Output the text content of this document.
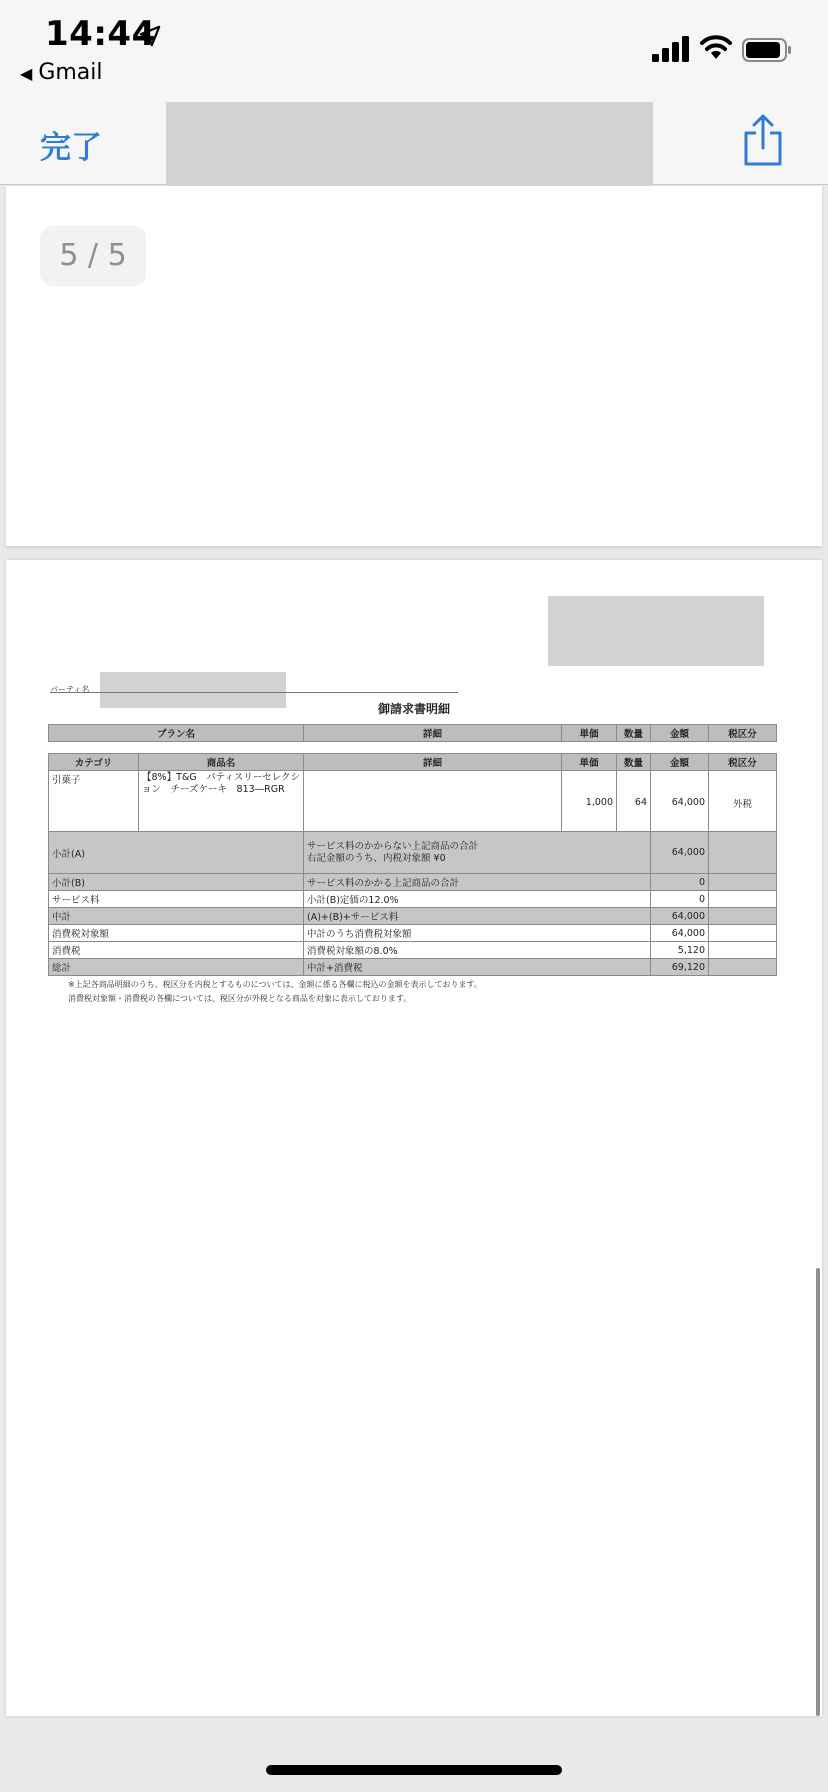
14:44
◀ Gmail
完了
5 / 5
パーティ名
御請求書明細
プラン名	詳細	単価	数量	金額	税区分
カテゴリ	商品名	詳細	単価	数量	金額	税区分
引菓子	【8%】T&G　パティスリーセレクシ
ョン　チーズケーキ　813―RGR		1,000	64	64,000	外税
小計(A)	サービス料のかからない上記商品の合計
右記金額のうち、内税対象額 ¥0	64,000	
小計(B)	サービス料のかかる上記商品の合計	0	
サービス料	小計(B)定価の12.0%	0	
中計	(A)+(B)+サービス料	64,000	
消費税対象額	中計のうち消費税対象額	64,000	
消費税	消費税対象額の8.0%	5,120	
総計	中計+消費税	69,120	
※上記各商品明細のうち、税区分を内税とするものについては、金額に係る各欄に税込の金額を表示しております。
消費税対象額・消費税の各欄については、税区分が外税となる商品を対象に表示しております。
